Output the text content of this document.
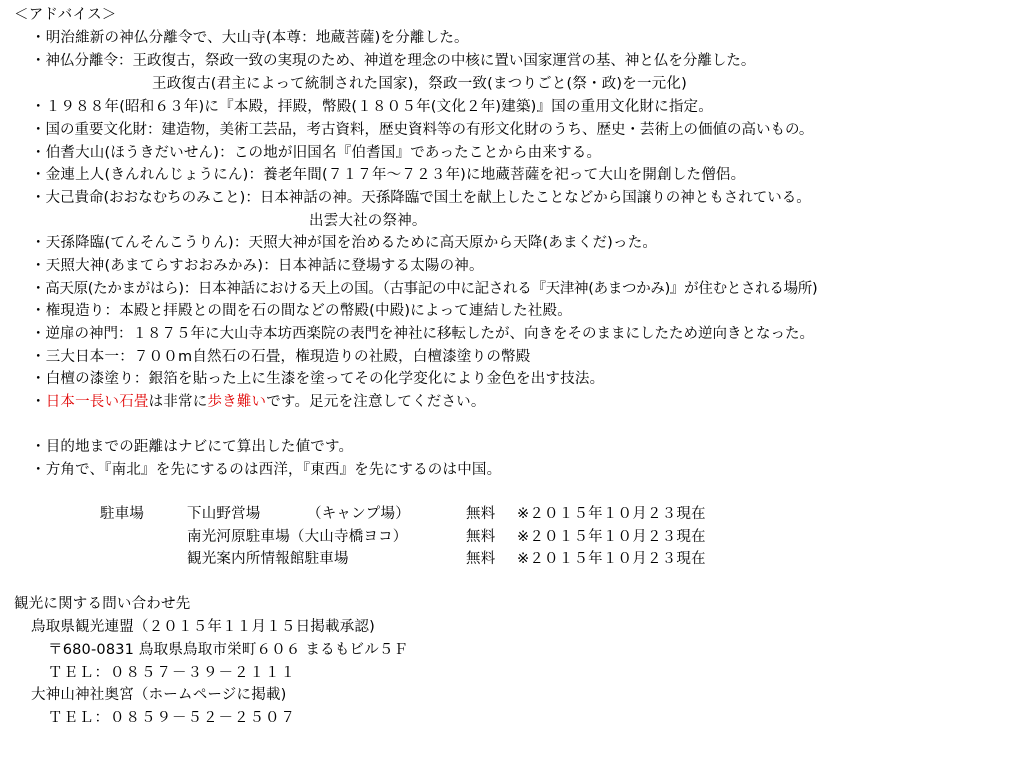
＜アドバイス＞
・明治維新の神仏分離令で、大山寺(本尊：地蔵菩薩)を分離した。
・神仏分離令：王政復古，祭政一致の実現のため、神道を理念の中核に置い国家運営の基、神と仏を分離した。
王政復古(君主によって統制された国家)，祭政一致(まつりごと(祭・政)を一元化)
・１９８８年(昭和６３年)に『本殿，拝殿，幣殿(１８０５年(文化２年)建築)』国の重用文化財に指定。
・国の重要文化財：建造物，美術工芸品，考古資料，歴史資料等の有形文化財のうち、歴史・芸術上の価値の高いもの。
・伯耆大山(ほうきだいせん)：この地が旧国名『伯耆国』であったことから由来する。
・金連上人(きんれんじょうにん)：養老年間(７１７年～７２３年)に地蔵菩薩を祀って大山を開創した僧侶。
・大己貴命(おおなむちのみこと)：日本神話の神。天孫降臨で国土を献上したことなどから国譲りの神ともされている。
出雲大社の祭神。
・天孫降臨(てんそんこうりん)：天照大神が国を治めるために高天原から天降(あまくだ)った。
・天照大神(あまてらすおおみかみ)：日本神話に登場する太陽の神。
・高天原(たかまがはら)：日本神話における天上の国。（古事記の中に記される『天津神(あまつかみ)』が住むとされる場所)
・権現造り：本殿と拝殿との間を石の間などの幣殿(中殿)によって連結した社殿。
・逆扉の神門：１８７５年に大山寺本坊西楽院の表門を神社に移転したが、向きをそのままにしたため逆向きとなった。
・三大日本一：７００m自然石の石畳，権現造りの社殿，白檀漆塗りの幣殿
・白檀の漆塗り：銀箔を貼った上に生漆を塗ってその化学変化により金色を出す技法。
・日本一長い石畳は非常に歩き難いです。足元を注意してください。
・目的地までの距離はナビにて算出した値です。
・方角で、『南北』を先にするのは西洋，『東西』を先にするのは中国。
駐車場	下山野営場	（キャンプ場）	無料 ※２０１５年１０月２３現在
南光河原駐車場（大山寺橋ヨコ）	無料 ※２０１５年１０月２３現在
観光案内所情報館駐車場	無料 ※２０１５年１０月２３現在
観光に関する問い合わせ先
鳥取県観光連盟（２０１５年１１月１５日掲載承認)
〒680-0831 鳥取県鳥取市栄町６０６ まるもビル５Ｆ
ＴＥＬ：０８５７－３９－２１１１
大神山神社奥宮（ホームページに掲載)
ＴＥＬ：０８５９－５２－２５０７
